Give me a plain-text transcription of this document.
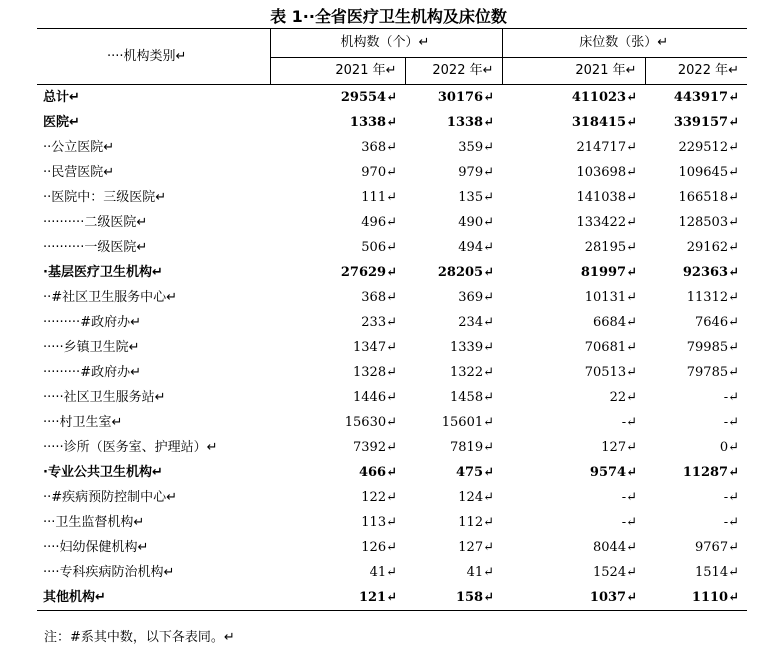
表 1··全省医疗卫生机构及床位数
····机构类别↵	机构数（个）↵		床位数（张）↵	
	2021 年↵	2022 年↵	2021 年↵	2022 年↵
总计↵	29554↵	30176↵	411023↵	443917↵
医院↵	1338↵	1338↵	318415↵	339157↵
··公立医院↵	368↵	359↵	214717↵	229512↵
··民营医院↵	970↵	979↵	103698↵	109645↵
··医院中：三级医院↵	111↵	135↵	141038↵	166518↵
··········二级医院↵	496↵	490↵	133422↵	128503↵
··········一级医院↵	506↵	494↵	28195↵	29162↵
·基层医疗卫生机构↵	27629↵	28205↵	81997↵	92363↵
··#社区卫生服务中心↵	368↵	369↵	10131↵	11312↵
·········#政府办↵	233↵	234↵	6684↵	7646↵
·····乡镇卫生院↵	1347↵	1339↵	70681↵	79985↵
·········#政府办↵	1328↵	1322↵	70513↵	79785↵
·····社区卫生服务站↵	1446↵	1458↵	22↵	-↵
····村卫生室↵	15630↵	15601↵	-↵	-↵
·····诊所（医务室、护理站）↵	7392↵	7819↵	127↵	0↵
·专业公共卫生机构↵	466↵	475↵	9574↵	11287↵
··#疾病预防控制中心↵	122↵	124↵	-↵	-↵
···卫生监督机构↵	113↵	112↵	-↵	-↵
····妇幼保健机构↵	126↵	127↵	8044↵	9767↵
····专科疾病防治机构↵	41↵	41↵	1524↵	1514↵
其他机构↵	121↵	158↵	1037↵	1110↵
注：#系其中数，以下各表同。↵
